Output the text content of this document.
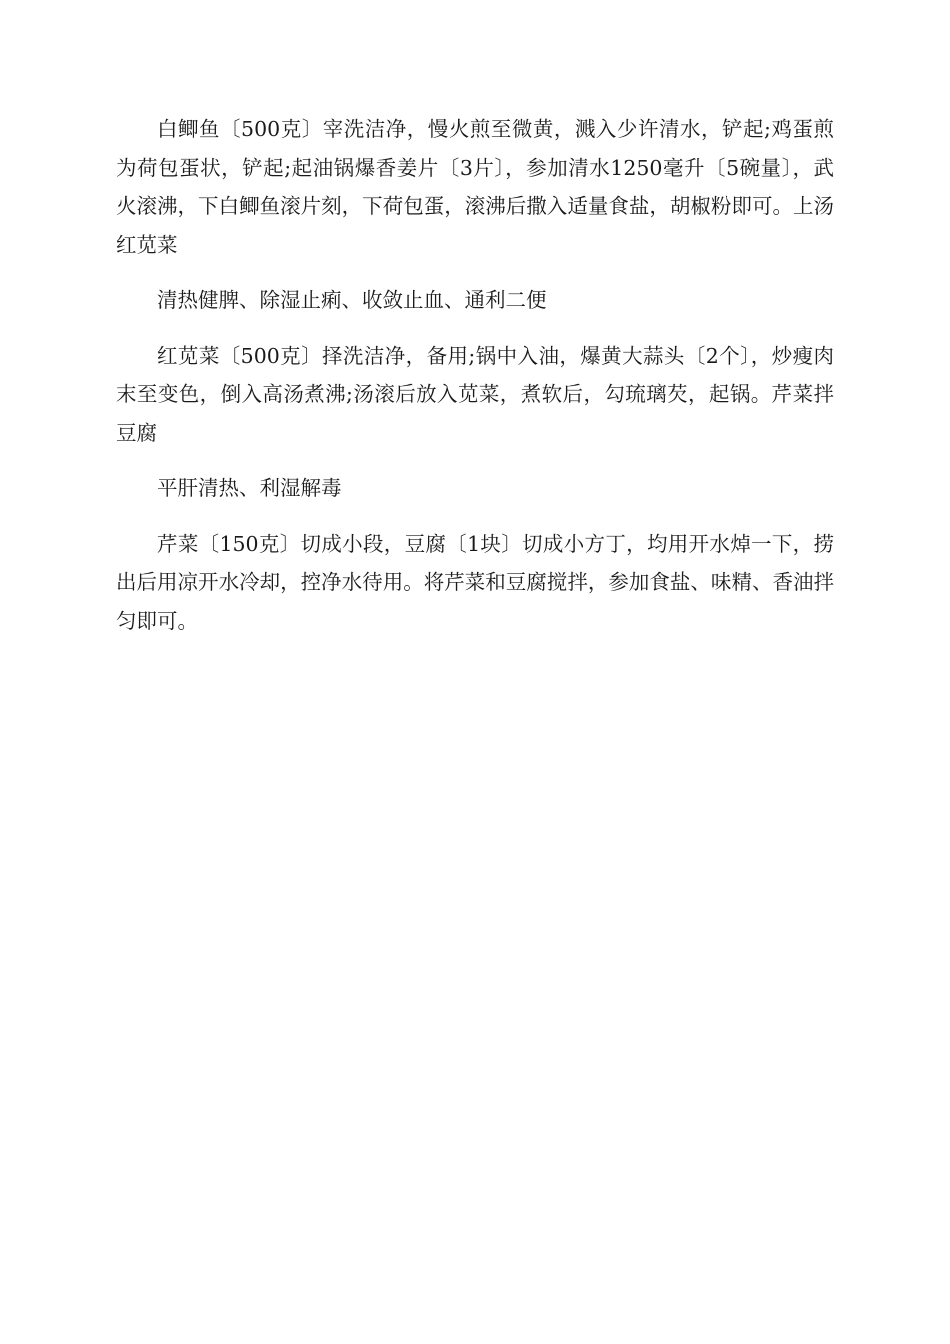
白鲫鱼〔500克〕宰洗洁净，慢火煎至微黄，溅入少许清水，铲起;鸡蛋煎为荷包蛋状，铲起;起油锅爆香姜片〔3片〕，参加清水1250毫升〔5碗量〕，武火滚沸，下白鲫鱼滚片刻，下荷包蛋，滚沸后撒入适量食盐，胡椒粉即可。上汤红苋菜

清热健脾、除湿止痢、收敛止血、通利二便

红苋菜〔500克〕择洗洁净，备用;锅中入油，爆黄大蒜头〔2个〕，炒瘦肉末至变色，倒入高汤煮沸;汤滚后放入苋菜，煮软后，勾琉璃芡，起锅。芹菜拌豆腐

平肝清热、利湿解毒

芹菜〔150克〕切成小段，豆腐〔1块〕切成小方丁，均用开水焯一下，捞出后用凉开水冷却，控净水待用。将芹菜和豆腐搅拌，参加食盐、味精、香油拌匀即可。
